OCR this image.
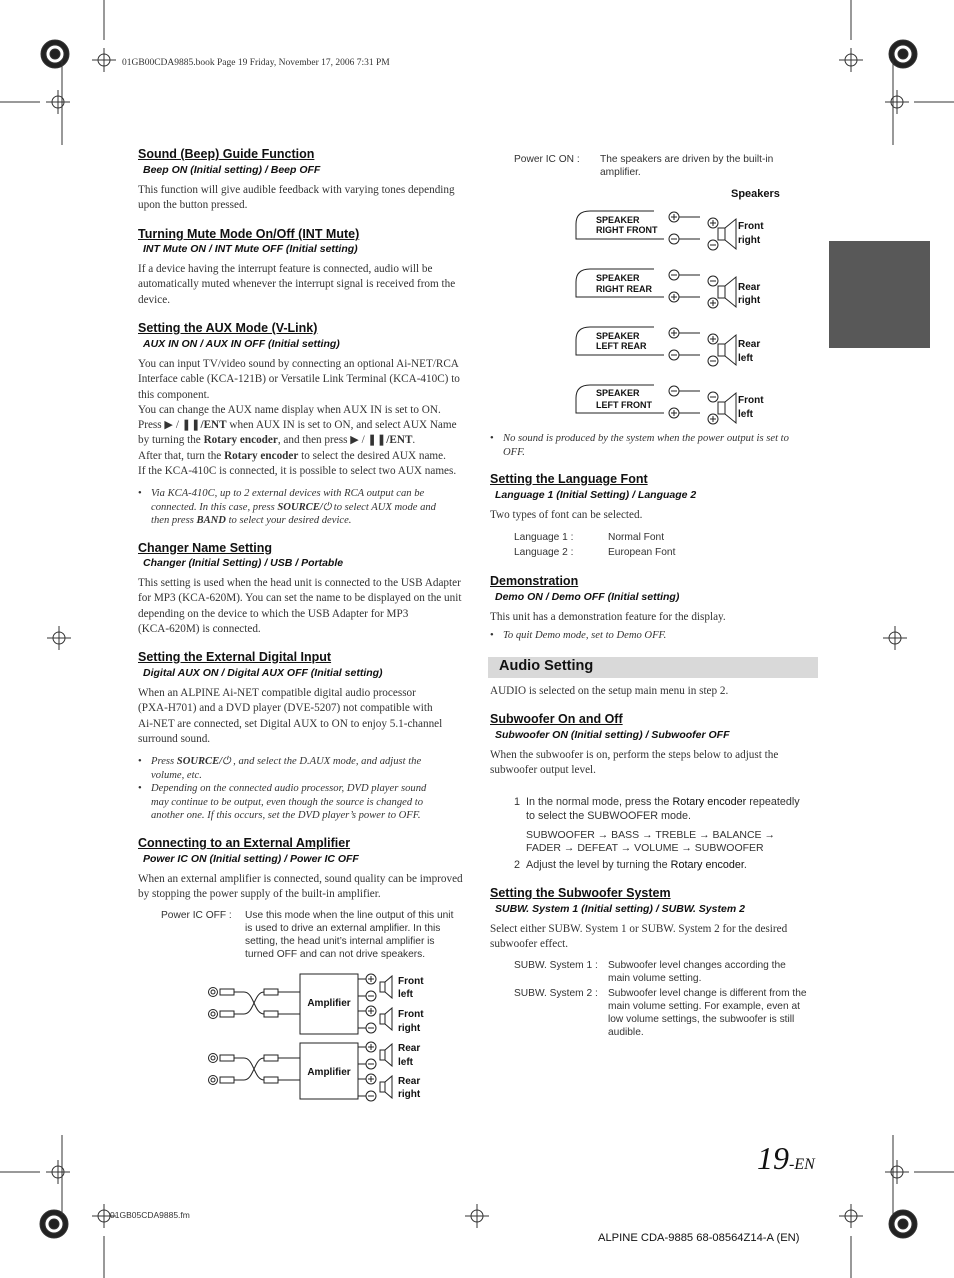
01GB00CDA9885.book Page 19 Friday, November 17, 2006 7:31 PM
Sound (Beep) Guide Function
Beep ON (Initial setting) / Beep OFF
This function will give audible feedback with varying tones depending
upon the button pressed.
Turning Mute Mode On/Off (INT Mute)
INT Mute ON / INT Mute OFF (Initial setting)
If a device having the interrupt feature is connected, audio will be
automatically muted whenever the interrupt signal is received from the
device.
Setting the AUX Mode (V-Link)
AUX IN ON / AUX IN OFF (Initial setting)
You can input TV/video sound by connecting an optional Ai-NET/RCA
Interface cable (KCA-121B) or Versatile Link Terminal (KCA-410C) to
this component.
You can change the AUX name display when AUX IN is set to ON.
Press ▶ / ❚❚/ENT when AUX IN is set to ON, and select AUX Name
by turning the Rotary encoder, and then press ▶ / ❚❚/ENT.
After that, turn the Rotary encoder to select the desired AUX name.
If the KCA-410C is connected, it is possible to select two AUX names.
• Via KCA-410C, up to 2 external devices with RCA output can be
connected. In this case, press SOURCE/⏻ to select AUX mode and
then press BAND to select your desired device.
Changer Name Setting
Changer (Initial Setting) / USB / Portable
This setting is used when the head unit is connected to the USB Adapter
for MP3 (KCA-620M). You can set the name to be displayed on the unit
depending on the device to which the USB Adapter for MP3
(KCA-620M) is connected.
Setting the External Digital Input
Digital AUX ON / Digital AUX OFF (Initial setting)
When an ALPINE Ai-NET compatible digital audio processor
(PXA-H701) and a DVD player (DVE-5207) not compatible with
Ai-NET are connected, set Digital AUX to ON to enjoy 5.1-channel
surround sound.
• Press SOURCE/⏻ , and select the D.AUX mode, and adjust the
volume, etc.
• Depending on the connected audio processor, DVD player sound
may continue to be output, even though the source is changed to
another one. If this occurs, set the DVD player’s power to OFF.
Connecting to an External Amplifier
Power IC ON (Initial setting) / Power IC OFF
When an external amplifier is connected, sound quality can be improved
by stopping the power supply of the built-in amplifier.
Power IC OFF : Use this mode when the line output of this unit
is used to drive an external amplifier. In this
setting, the head unit’s internal amplifier is
turned OFF and can not drive speakers.
Amplifier
Amplifier
Front
left
Front
right
Rear
left
Rear
right
Power IC ON : The speakers are driven by the built-in
amplifier.
Speakers
SPEAKER
RIGHT FRONT
SPEAKER
RIGHT REAR
SPEAKER
LEFT REAR
SPEAKER
LEFT FRONT
Front
right
Rear
right
Rear
left
Front
left
• No sound is produced by the system when the power output is set to
OFF.
Setting the Language Font
Language 1 (Initial Setting) / Language 2
Two types of font can be selected.
Language 1 :	Normal Font
Language 2 :	European Font
Demonstration
Demo ON / Demo OFF (Initial setting)
This unit has a demonstration feature for the display.
• To quit Demo mode, set to Demo OFF.
Audio Setting
AUDIO is selected on the setup main menu in step 2.
Subwoofer On and Off
Subwoofer ON (Initial setting) / Subwoofer OFF
When the subwoofer is on, perform the steps below to adjust the
subwoofer output level.
1 In the normal mode, press the Rotary encoder repeatedly
to select the SUBWOOFER mode.
SUBWOOFER → BASS → TREBLE → BALANCE →
FADER → DEFEAT → VOLUME → SUBWOOFER
2 Adjust the level by turning the Rotary encoder.
Setting the Subwoofer System
SUBW. System 1 (Initial setting) / SUBW. System 2
Select either SUBW. System 1 or SUBW. System 2 for the desired
subwoofer effect.
SUBW. System 1 : Subwoofer level changes according the
main volume setting.
SUBW. System 2 : Subwoofer level change is different from the
main volume setting. For example, even at
low volume settings, the subwoofer is still
audible.
19-EN
01GB05CDA9885.fm
ALPINE CDA-9885 68-08564Z14-A (EN)
